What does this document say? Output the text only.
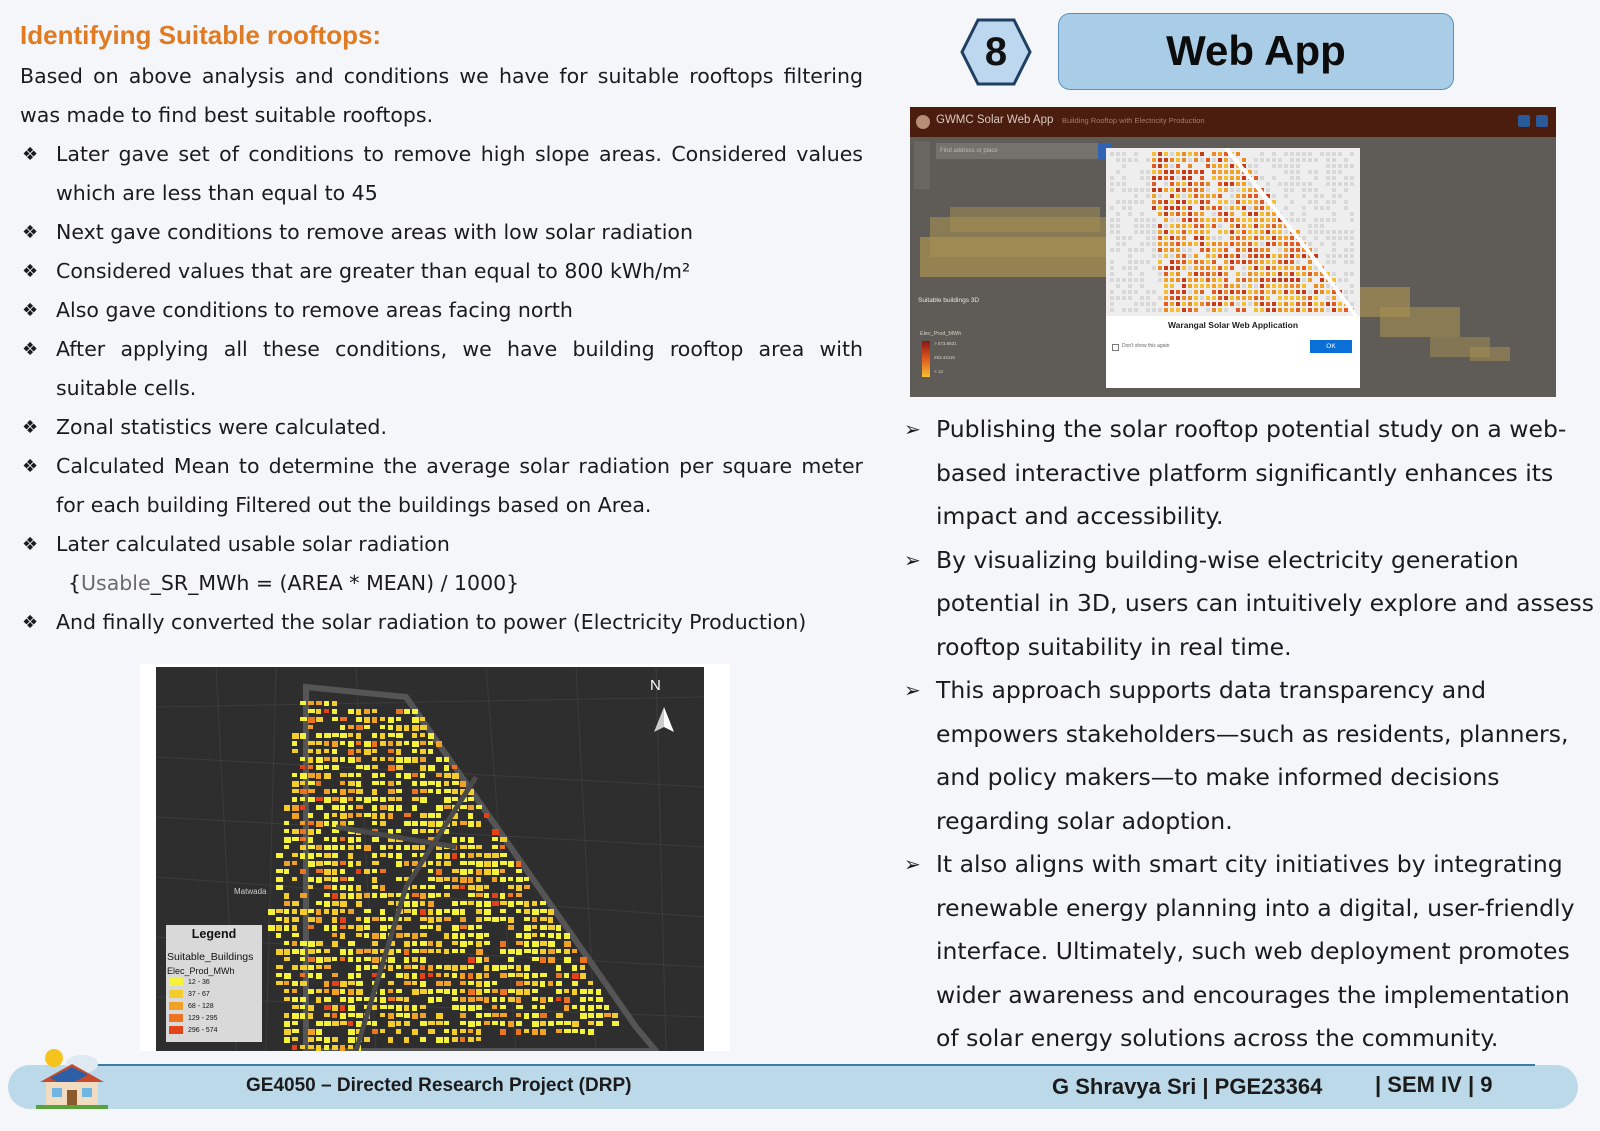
Identifying Suitable rooftops:

Based on above analysis and conditions we have for suitable rooftops filtering was made to find best suitable rooftops.

❖ Later gave set of conditions to remove high slope areas. Considered values which are less than equal to 45
❖ Next gave conditions to remove areas with low solar radiation
❖ Considered values that are greater than equal to 800 kWh/m²
❖ Also gave conditions to remove areas facing north
❖ After applying all these conditions, we have building rooftop area with suitable cells.
❖ Zonal statistics were calculated.
❖ Calculated Mean to determine the average solar radiation per square meter for each building Filtered out the buildings based on Area.
❖ Later calculated usable solar radiation
{Usable_SR_MWh = (AREA * MEAN) / 1000}
❖ And finally converted the solar radiation to power (Electricity Production)
N
Matwada
Legend
Suitable_Buildings
Elec_Prod_MWh
12 - 36
37 - 67
68 - 128
129 - 295
296 - 574
8	Web App
GWMC Solar Web App Building Rooftop with Electricity Production
Find address or place
Suitable buildings 3D
Elec_Prod_MWh
> 573.8831
253.44115
< 13
Warangal Solar Web Application
Don't show this again	OK
➢ Publishing the solar rooftop potential study on a web-based interactive platform significantly enhances its impact and accessibility.
➢ By visualizing building-wise electricity generation potential in 3D, users can intuitively explore and assess rooftop suitability in real time.
➢ This approach supports data transparency and empowers stakeholders—such as residents, planners, and policy makers—to make informed decisions regarding solar adoption.
➢ It also aligns with smart city initiatives by integrating renewable energy planning into a digital, user-friendly interface. Ultimately, such web deployment promotes wider awareness and encourages the implementation of solar energy solutions across the community.
GE4050 – Directed Research Project (DRP)	G Shravya Sri | PGE23364 | SEM IV | 9
